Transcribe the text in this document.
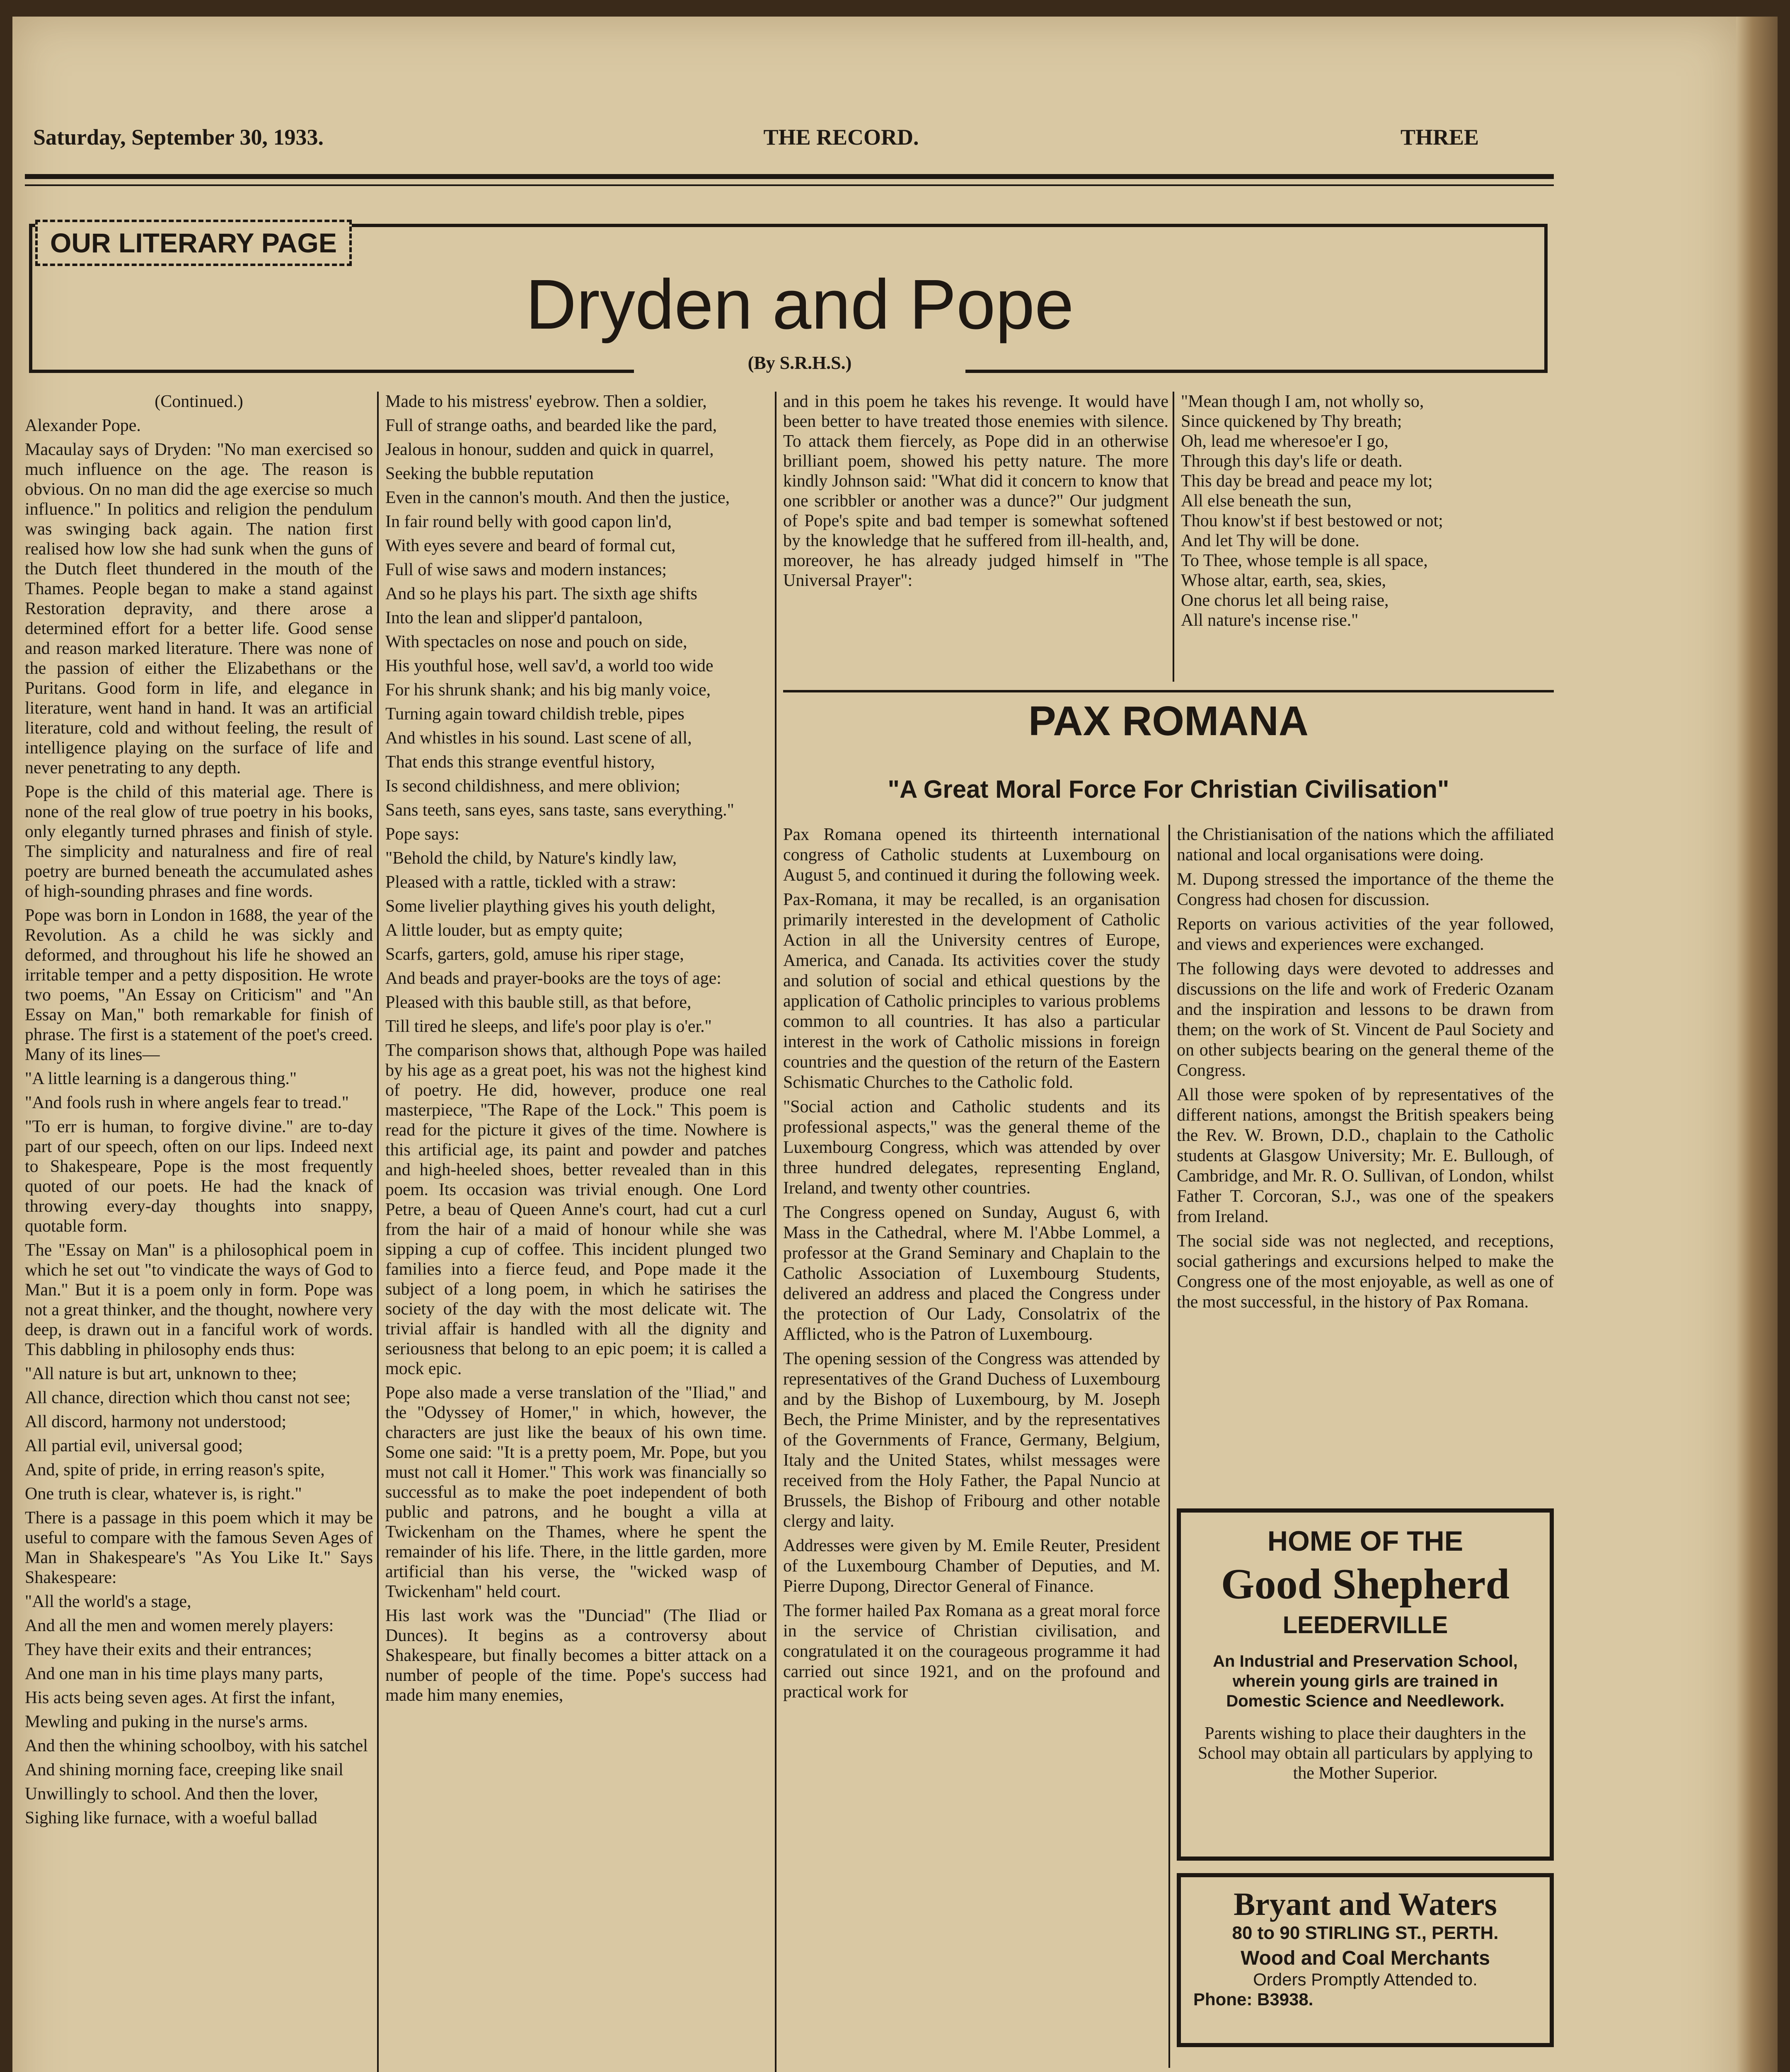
Saturday, September 30, 1933.	THE RECORD.	THREE
OUR LITERARY PAGE
Dryden and Pope
(By S.R.H.S.)
(Continued.)

Alexander Pope.

Macaulay says of Dryden: "No man exercised so much influence on the age. The reason is obvious. On no man did the age exercise so much influence." In politics and religion the pendulum was swinging back again. The nation first realised how low she had sunk when the guns of the Dutch fleet thundered in the mouth of the Thames. People began to make a stand against Restoration depravity, and there arose a determined effort for a better life. Good sense and reason marked literature. There was none of the passion of either the Elizabethans or the Puritans. Good form in life, and elegance in literature, went hand in hand. It was an artificial literature, cold and without feeling, the result of intelligence playing on the surface of life and never penetrating to any depth.

Pope is the child of this material age. There is none of the real glow of true poetry in his books, only elegantly turned phrases and finish of style. The simplicity and naturalness and fire of real poetry are burned beneath the accumulated ashes of high-sounding phrases and fine words.

Pope was born in London in 1688, the year of the Revolution. As a child he was sickly and deformed, and throughout his life he showed an irritable temper and a petty disposition. He wrote two poems, "An Essay on Criticism" and "An Essay on Man," both remarkable for finish of phrase. The first is a statement of the poet's creed. Many of its lines—

"A little learning is a dangerous thing."

"And fools rush in where angels fear to tread."

"To err is human, to forgive divine." are to-day part of our speech, often on our lips. Indeed next to Shakespeare, Pope is the most frequently quoted of our poets. He had the knack of throwing every-day thoughts into snappy, quotable form.

The "Essay on Man" is a philosophical poem in which he set out "to vindicate the ways of God to Man." But it is a poem only in form. Pope was not a great thinker, and the thought, nowhere very deep, is drawn out in a fanciful work of words. This dabbling in philosophy ends thus:

"All nature is but art, unknown to thee;

All chance, direction which thou canst not see;

All discord, harmony not understood;

All partial evil, universal good;

And, spite of pride, in erring reason's spite,

One truth is clear, whatever is, is right."

There is a passage in this poem which it may be useful to compare with the famous Seven Ages of Man in Shakespeare's "As You Like It." Says Shakespeare:

"All the world's a stage,

And all the men and women merely players:

They have their exits and their entrances;

And one man in his time plays many parts,

His acts being seven ages. At first the infant,

Mewling and puking in the nurse's arms.

And then the whining schoolboy, with his satchel

And shining morning face, creeping like snail

Unwillingly to school. And then the lover,

Sighing like furnace, with a woeful ballad

Made to his mistress' eyebrow. Then a soldier,

Full of strange oaths, and bearded like the pard,

Jealous in honour, sudden and quick in quarrel,

Seeking the bubble reputation

Even in the cannon's mouth. And then the justice,

In fair round belly with good capon lin'd,

With eyes severe and beard of formal cut,

Full of wise saws and modern instances;

And so he plays his part. The sixth age shifts

Into the lean and slipper'd pantaloon,

With spectacles on nose and pouch on side,

His youthful hose, well sav'd, a world too wide

For his shrunk shank; and his big manly voice,

Turning again toward childish treble, pipes

And whistles in his sound. Last scene of all,

That ends this strange eventful history,

Is second childishness, and mere oblivion;

Sans teeth, sans eyes, sans taste, sans everything."

Pope says:

"Behold the child, by Nature's kindly law,

Pleased with a rattle, tickled with a straw:

Some livelier plaything gives his youth delight,

A little louder, but as empty quite;

Scarfs, garters, gold, amuse his riper stage,

And beads and prayer-books are the toys of age:

Pleased with this bauble still, as that before,

Till tired he sleeps, and life's poor play is o'er."

The comparison shows that, although Pope was hailed by his age as a great poet, his was not the highest kind of poetry. He did, however, produce one real masterpiece, "The Rape of the Lock." This poem is read for the picture it gives of the time. Nowhere is this artificial age, its paint and powder and patches and high-heeled shoes, better revealed than in this poem. Its occasion was trivial enough. One Lord Petre, a beau of Queen Anne's court, had cut a curl from the hair of a maid of honour while she was sipping a cup of coffee. This incident plunged two families into a fierce feud, and Pope made it the subject of a long poem, in which he satirises the society of the day with the most delicate wit. The trivial affair is handled with all the dignity and seriousness that belong to an epic poem; it is called a mock epic.

Pope also made a verse translation of the "Iliad," and the "Odyssey of Homer," in which, however, the characters are just like the beaux of his own time. Some one said: "It is a pretty poem, Mr. Pope, but you must not call it Homer." This work was financially so successful as to make the poet independent of both public and patrons, and he bought a villa at Twickenham on the Thames, where he spent the remainder of his life. There, in the little garden, more artificial than his verse, the "wicked wasp of Twickenham" held court.

His last work was the "Dunciad" (The Iliad or Dunces). It begins as a controversy about Shakespeare, but finally becomes a bitter attack on a number of people of the time. Pope's success had made him many enemies,

and in this poem he takes his revenge. It would have been better to have treated those enemies with silence. To attack them fiercely, as Pope did in an otherwise brilliant poem, showed his petty nature. The more kindly Johnson said: "What did it concern to know that one scribbler or another was a dunce?" Our judgment of Pope's spite and bad temper is somewhat softened by the knowledge that he suffered from ill-health, and, moreover, he has already judged himself in "The Universal Prayer":

"Mean though I am, not wholly so,
Since quickened by Thy breath;
Oh, lead me wheresoe'er I go,
Through this day's life or death.
This day be bread and peace my lot;
All else beneath the sun,
Thou know'st if best bestowed or not;
And let Thy will be done.
To Thee, whose temple is all space,
Whose altar, earth, sea, skies,
One chorus let all being raise,
All nature's incense rise."
PAX ROMANA
"A Great Moral Force For Christian Civilisation"

Pax Romana opened its thirteenth international congress of Catholic students at Luxembourg on August 5, and continued it during the following week.

Pax-Romana, it may be recalled, is an organisation primarily interested in the development of Catholic Action in all the University centres of Europe, America, and Canada. Its activities cover the study and solution of social and ethical questions by the application of Catholic principles to various problems common to all countries. It has also a particular interest in the work of Catholic missions in foreign countries and the question of the return of the Eastern Schismatic Churches to the Catholic fold.

"Social action and Catholic students and its professional aspects," was the general theme of the Luxembourg Congress, which was attended by over three hundred delegates, representing England, Ireland, and twenty other countries.

The Congress opened on Sunday, August 6, with Mass in the Cathedral, where M. l'Abbe Lommel, a professor at the Grand Seminary and Chaplain to the Catholic Association of Luxembourg Students, delivered an address and placed the Congress under the protection of Our Lady, Consolatrix of the Afflicted, who is the Patron of Luxembourg.

The opening session of the Congress was attended by representatives of the Grand Duchess of Luxembourg and by the Bishop of Luxembourg, by M. Joseph Bech, the Prime Minister, and by the representatives of the Governments of France, Germany, Belgium, Italy and the United States, whilst messages were received from the Holy Father, the Papal Nuncio at Brussels, the Bishop of Fribourg and other notable clergy and laity.

Addresses were given by M. Emile Reuter, President of the Luxembourg Chamber of Deputies, and M. Pierre Dupong, Director General of Finance.

The former hailed Pax Romana as a great moral force in the service of Christian civilisation, and congratulated it on the courageous programme it had carried out since 1921, and on the profound and practical work for

the Christianisation of the nations which the affiliated national and local organisations were doing.

M. Dupong stressed the importance of the theme the Congress had chosen for discussion.

Reports on various activities of the year followed, and views and experiences were exchanged.

The following days were devoted to addresses and discussions on the life and work of Frederic Ozanam and the inspiration and lessons to be drawn from them; on the work of St. Vincent de Paul Society and on other subjects bearing on the general theme of the Congress.

All those were spoken of by representatives of the different nations, amongst the British speakers being the Rev. W. Brown, D.D., chaplain to the Catholic students at Glasgow University; Mr. E. Bullough, of Cambridge, and Mr. R. O. Sullivan, of London, whilst Father T. Corcoran, S.J., was one of the speakers from Ireland.

The social side was not neglected, and receptions, social gatherings and excursions helped to make the Congress one of the most enjoyable, as well as one of the most successful, in the history of Pax Romana.

HOME OF THE
Good Shepherd
LEEDERVILLE
An Industrial and Preservation School, wherein young girls are trained in Domestic Science and Needlework.
Parents wishing to place their daughters in the School may obtain all particulars by applying to the Mother Superior.
Bryant and Waters
80 to 90 STIRLING ST., PERTH.
Wood and Coal Merchants
Orders Promptly Attended to.
Phone: B3938.
